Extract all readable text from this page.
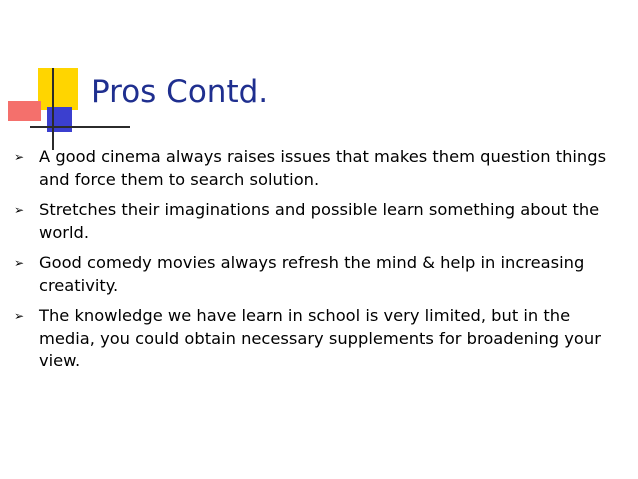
Pros Contd.
➢ A good cinema always raises issues that makes them question things and force them to search solution.
➢ Stretches their imaginations and possible learn something about the world.
➢ Good comedy movies always refresh the mind & help in increasing creativity.
➢ The knowledge we have learn in school is very limited, but in the media, you could obtain necessary supplements for broadening your view.
